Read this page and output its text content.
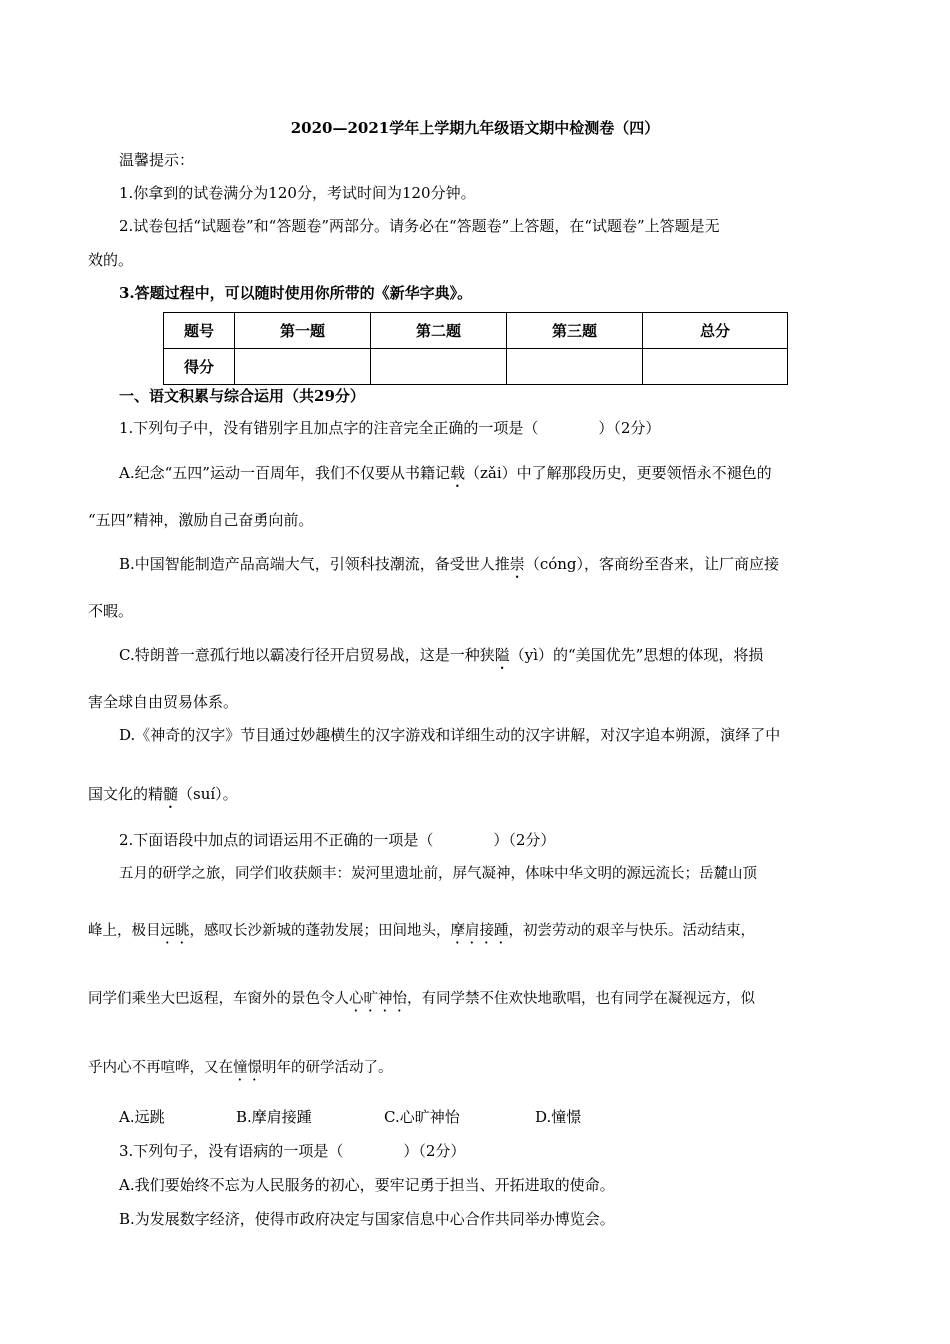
2020—2021学年上学期九年级语文期中检测卷（四）
温馨提示：
1.你拿到的试卷满分为120分，考试时间为120分钟。
2.试卷包括“试题卷”和“答题卷”两部分。请务必在“答题卷”上答题，在“试题卷”上答题是无
效的。
3.答题过程中，可以随时使用你所带的《新华字典》。
题号	第一题	第二题	第三题	总分
得分				
一、语文积累与综合运用（共29分）
1.下列句子中，没有错别字且加点字的注音完全正确的一项是（　　　　）（2分）
A.纪念“五四”运动一百周年，我们不仅要从书籍记载（zǎi）中了解那段历史，更要领悟永不褪色的
“五四”精神，激励自己奋勇向前。
B.中国智能制造产品高端大气，引领科技潮流，备受世人推崇（cóng），客商纷至沓来，让厂商应接
不暇。
C.特朗普一意孤行地以霸凌行径开启贸易战，这是一种狭隘（yì）的“美国优先”思想的体现，将损
害全球自由贸易体系。
D.《神奇的汉字》节目通过妙趣横生的汉字游戏和详细生动的汉字讲解，对汉字追本朔源，演绎了中
国文化的精髓（suí）。
2.下面语段中加点的词语运用不正确的一项是（　　　　）（2分）
五月的研学之旅，同学们收获颇丰：炭河里遗址前，屏气凝神，体味中华文明的源远流长；岳麓山顶
峰上，极目远眺，感叹长沙新城的蓬勃发展；田间地头，摩肩接踵，初尝劳动的艰辛与快乐。活动结束，
同学们乘坐大巴返程，车窗外的景色令人心旷神怡，有同学禁不住欢快地歌唱，也有同学在凝视远方，似
乎内心不再喧哗，又在憧憬明年的研学活动了。
A.远跳	B.摩肩接踵	C.心旷神怡	D.憧憬
3.下列句子，没有语病的一项是（　　　　）（2分）
A.我们要始终不忘为人民服务的初心，要牢记勇于担当、开拓进取的使命。
B.为发展数字经济，使得市政府决定与国家信息中心合作共同举办博览会。
